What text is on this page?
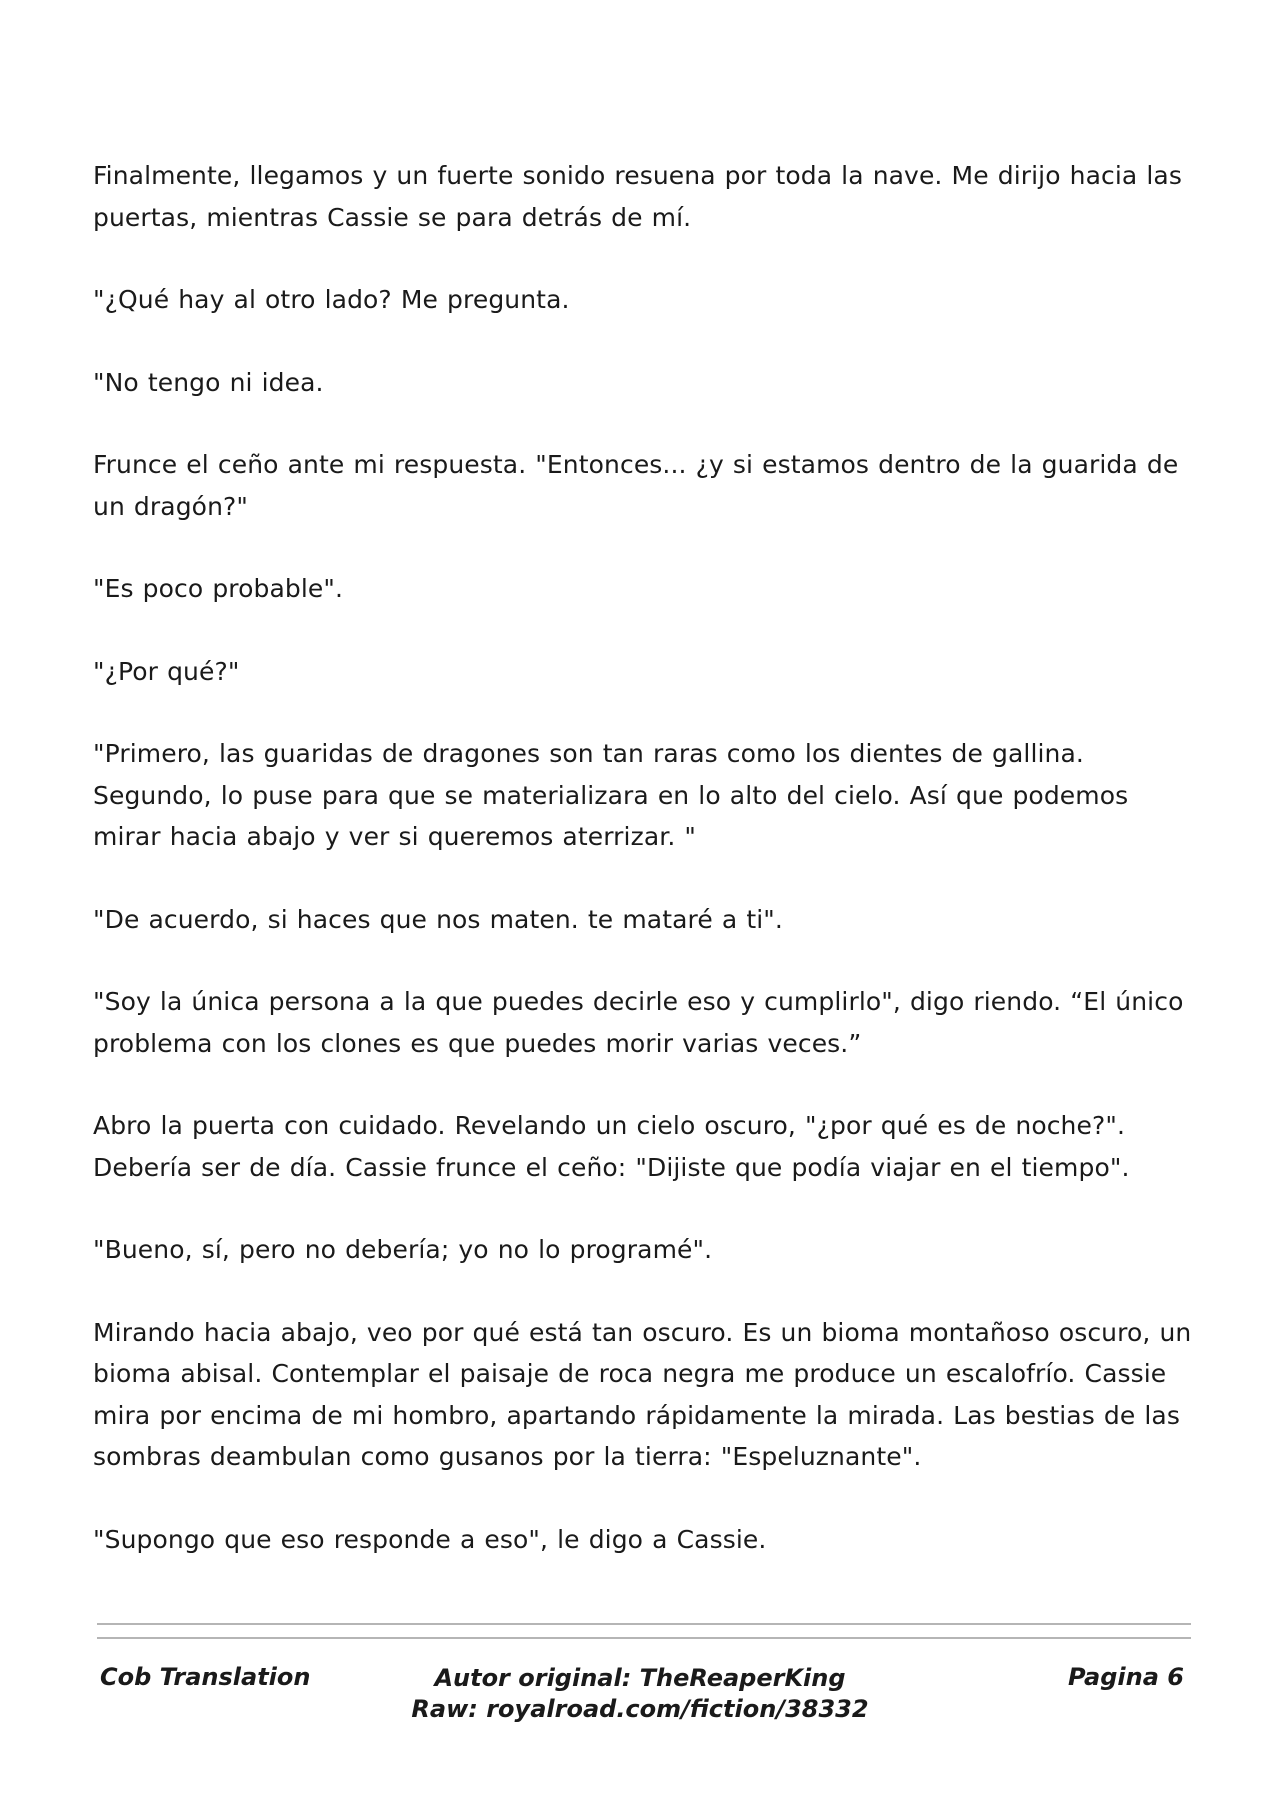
Finalmente, llegamos y un fuerte sonido resuena por toda la nave. Me dirijo hacia las puertas, mientras Cassie se para detrás de mí.

"¿Qué hay al otro lado? Me pregunta.

"No tengo ni idea.

Frunce el ceño ante mi respuesta. "Entonces... ¿y si estamos dentro de la guarida de un dragón?"

"Es poco probable".

"¿Por qué?"

"Primero, las guaridas de dragones son tan raras como los dientes de gallina. Segundo, lo puse para que se materializara en lo alto del cielo. Así que podemos mirar hacia abajo y ver si queremos aterrizar. "

"De acuerdo, si haces que nos maten. te mataré a ti".

"Soy la única persona a la que puedes decirle eso y cumplirlo", digo riendo. “El único problema con los clones es que puedes morir varias veces.”

Abro la puerta con cuidado. Revelando un cielo oscuro, "¿por qué es de noche?". Debería ser de día. Cassie frunce el ceño: "Dijiste que podía viajar en el tiempo".

"Bueno, sí, pero no debería; yo no lo programé".

Mirando hacia abajo, veo por qué está tan oscuro. Es un bioma montañoso oscuro, un bioma abisal. Contemplar el paisaje de roca negra me produce un escalofrío. Cassie mira por encima de mi hombro, apartando rápidamente la mirada. Las bestias de las sombras deambulan como gusanos por la tierra: "Espeluznante".

"Supongo que eso responde a eso", le digo a Cassie.

Cob Translation	Autor original: TheReaperKing
Raw: royalroad.com/fiction/38332
Pagina 6
